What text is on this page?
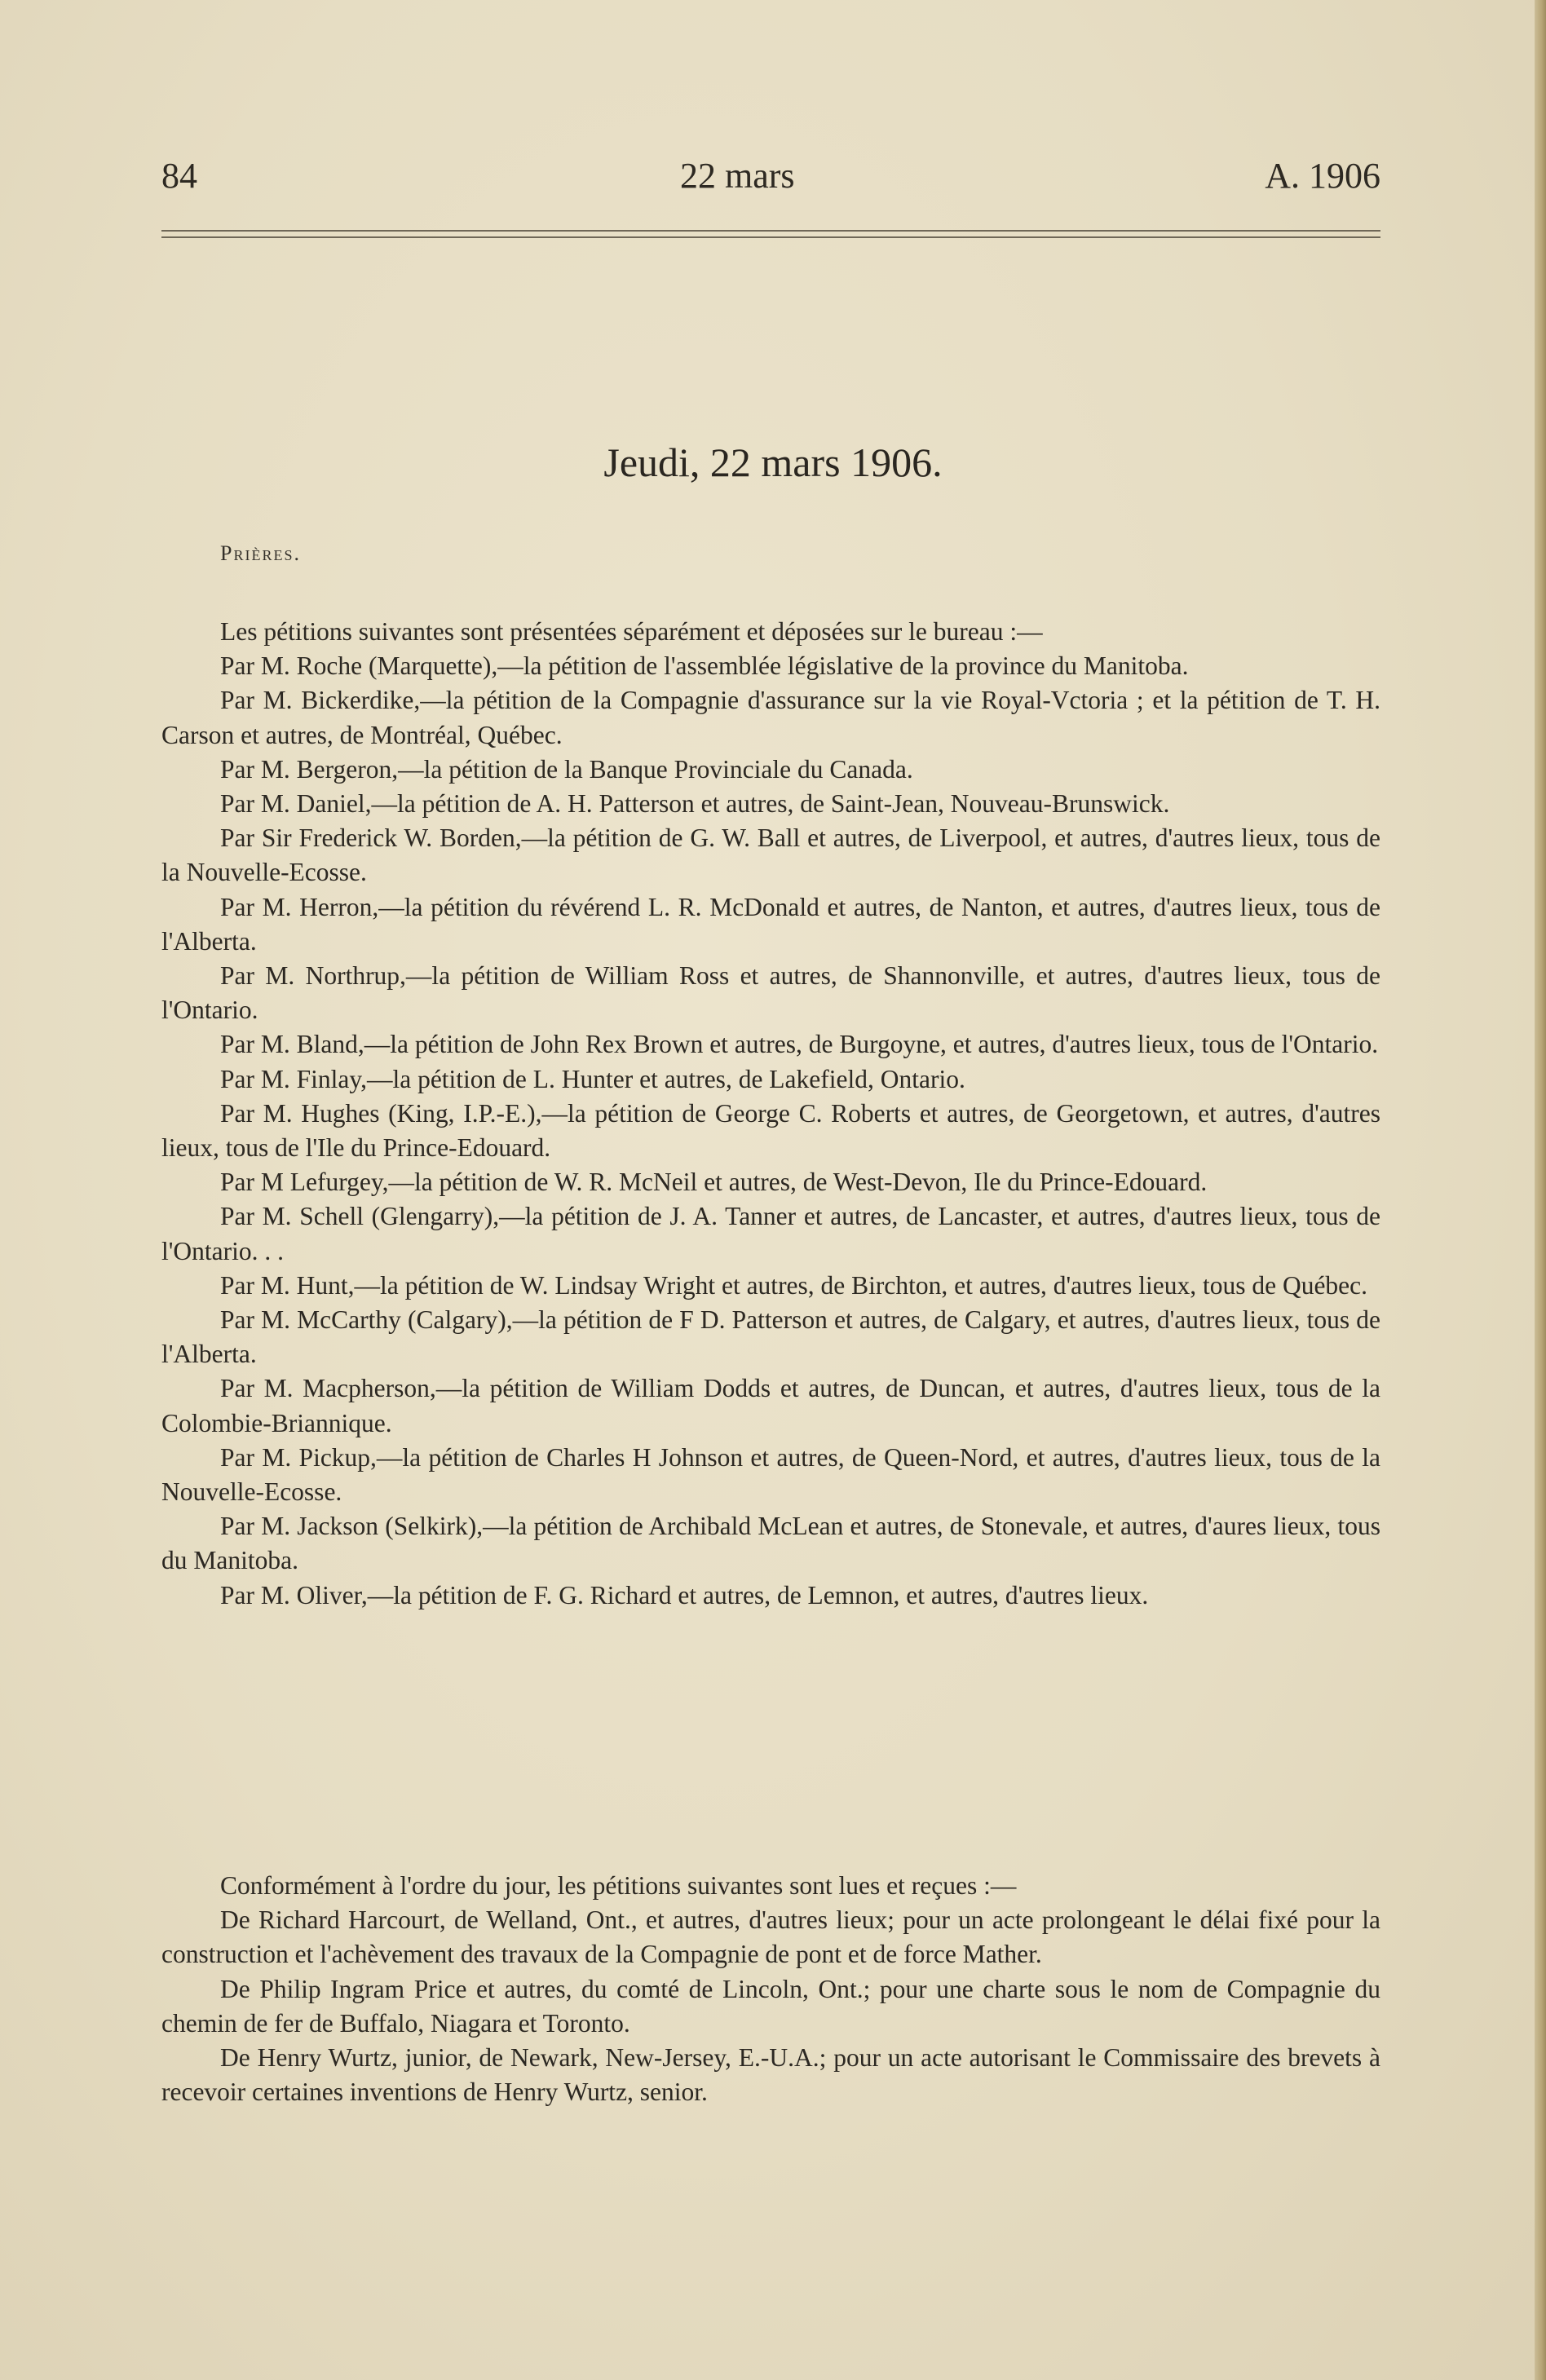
84	22 mars	A. 1906
Jeudi, 22 mars 1906.
Prières.

Les pétitions suivantes sont présentées séparément et déposées sur le bureau :—

Par M. Roche (Marquette),—la pétition de l'assemblée législative de la province du Manitoba.

Par M. Bickerdike,—la pétition de la Compagnie d'assurance sur la vie Royal-Vctoria ; et la pétition de T. H. Carson et autres, de Montréal, Québec.

Par M. Bergeron,—la pétition de la Banque Provinciale du Canada.

Par M. Daniel,—la pétition de A. H. Patterson et autres, de Saint-Jean, Nouveau-Brunswick.

Par Sir Frederick W. Borden,—la pétition de G. W. Ball et autres, de Liverpool, et autres, d'autres lieux, tous de la Nouvelle-Ecosse.

Par M. Herron,—la pétition du révérend L. R. McDonald et autres, de Nanton, et autres, d'autres lieux, tous de l'Alberta.

Par M. Northrup,—la pétition de William Ross et autres, de Shannonville, et autres, d'autres lieux, tous de l'Ontario.

Par M. Bland,—la pétition de John Rex Brown et autres, de Burgoyne, et autres, d'autres lieux, tous de l'Ontario.

Par M. Finlay,—la pétition de L. Hunter et autres, de Lakefield, Ontario.

Par M. Hughes (King, I.P.-E.),—la pétition de George C. Roberts et autres, de Georgetown, et autres, d'autres lieux, tous de l'Ile du Prince-Edouard.

Par M Lefurgey,—la pétition de W. R. McNeil et autres, de West-Devon, Ile du Prince-Edouard.

Par M. Schell (Glengarry),—la pétition de J. A. Tanner et autres, de Lancaster, et autres, d'autres lieux, tous de l'Ontario. . .

Par M. Hunt,—la pétition de W. Lindsay Wright et autres, de Birchton, et autres, d'autres lieux, tous de Québec.

Par M. McCarthy (Calgary),—la pétition de F D. Patterson et autres, de Calgary, et autres, d'autres lieux, tous de l'Alberta.

Par M. Macpherson,—la pétition de William Dodds et autres, de Duncan, et autres, d'autres lieux, tous de la Colombie-Briannique.

Par M. Pickup,—la pétition de Charles H Johnson et autres, de Queen-Nord, et autres, d'autres lieux, tous de la Nouvelle-Ecosse.

Par M. Jackson (Selkirk),—la pétition de Archibald McLean et autres, de Stonevale, et autres, d'aures lieux, tous du Manitoba.

Par M. Oliver,—la pétition de F. G. Richard et autres, de Lemnon, et autres, d'autres lieux.

Conformément à l'ordre du jour, les pétitions suivantes sont lues et reçues :—

De Richard Harcourt, de Welland, Ont., et autres, d'autres lieux; pour un acte prolongeant le délai fixé pour la construction et l'achèvement des travaux de la Compagnie de pont et de force Mather.

De Philip Ingram Price et autres, du comté de Lincoln, Ont.; pour une charte sous le nom de Compagnie du chemin de fer de Buffalo, Niagara et Toronto.

De Henry Wurtz, junior, de Newark, New-Jersey, E.-U.A.; pour un acte autorisant le Commissaire des brevets à recevoir certaines inventions de Henry Wurtz, senior.
